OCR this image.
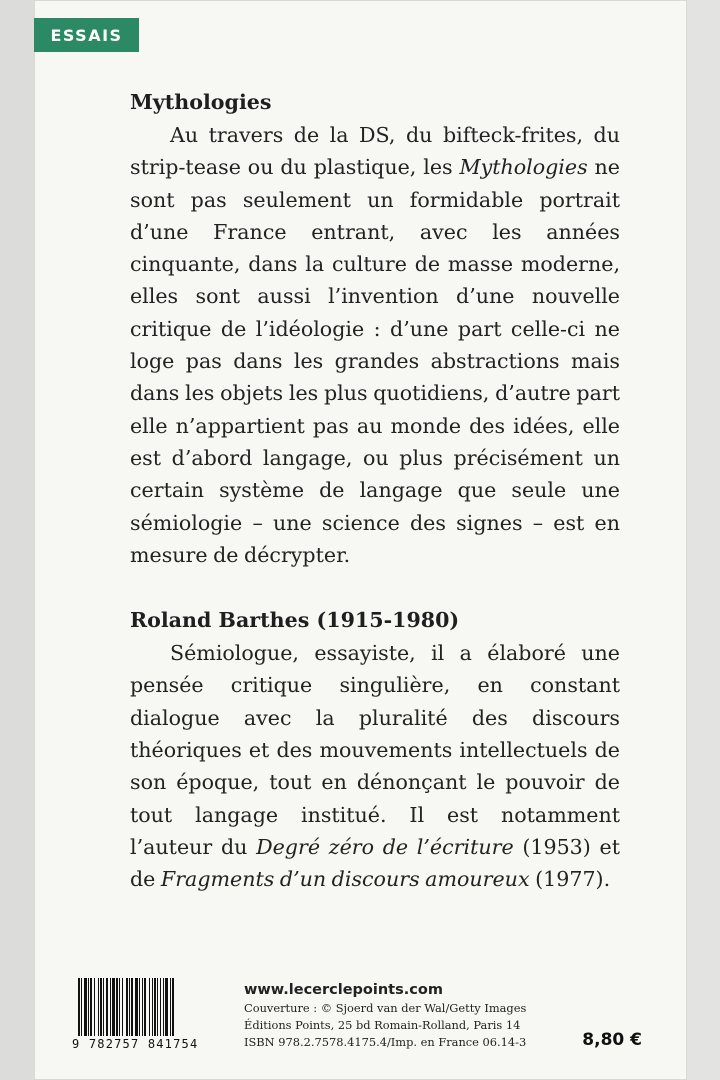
ESSAIS
Mythologies

Au travers de la DS, du bifteck-frites, du strip-tease ou du plastique, les Mythologies ne sont pas seulement un formidable portrait d’une France entrant, avec les années cinquante, dans la culture de masse moderne, elles sont aussi l’invention d’une nouvelle critique de l’idéologie : d’une part celle-ci ne loge pas dans les grandes abstractions mais dans les objets les plus quotidiens, d’autre part elle n’appartient pas au monde des idées, elle est d’abord langage, ou plus précisément un certain système de langage que seule une sémiologie – une science des signes – est en mesure de décrypter.

Roland Barthes (1915-1980)

Sémiologue, essayiste, il a élaboré une pensée critique singulière, en constant dialogue avec la pluralité des discours théoriques et des mouvements intellectuels de son époque, tout en dénonçant le pouvoir de tout langage institué. Il est notamment l’auteur du Degré zéro de l’écriture (1953) et de Fragments d’un discours amoureux (1977).

9 782757 841754
www.lecerclepoints.com
Couverture : © Sjoerd van der Wal/Getty Images
Éditions Points, 25 bd Romain-Rolland, Paris 14
ISBN 978.2.7578.4175.4/Imp. en France 06.14-3	8,80 €
